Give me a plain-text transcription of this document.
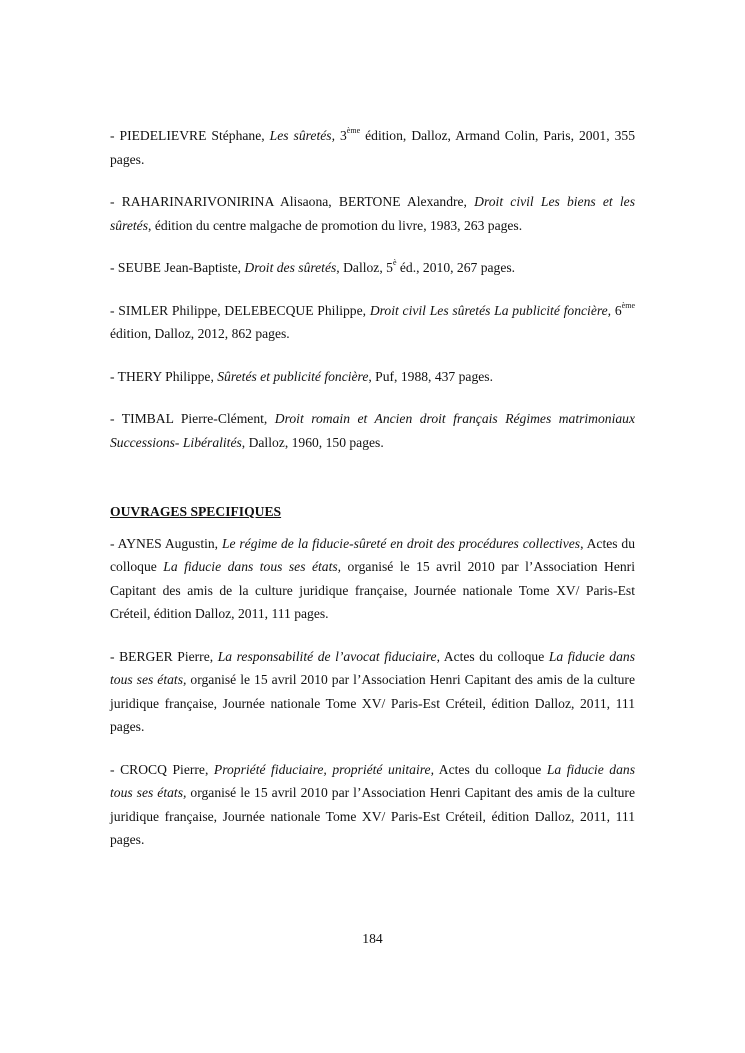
- PIEDELIEVRE Stéphane, Les sûretés, 3ème édition, Dalloz, Armand Colin, Paris, 2001, 355 pages.

- RAHARINARIVONIRINA Alisaona, BERTONE Alexandre, Droit civil Les biens et les sûretés, édition du centre malgache de promotion du livre, 1983, 263 pages.

- SEUBE Jean-Baptiste, Droit des sûretés, Dalloz, $5^è$ éd., 2010, 267 pages.

- SIMLER Philippe, DELEBECQUE Philippe, Droit civil Les sûretés La publicité foncière, 6ème édition, Dalloz, 2012, 862 pages.

- THERY Philippe, Sûretés et publicité foncière, Puf, 1988, 437 pages.

- TIMBAL Pierre-Clément, Droit romain et Ancien droit français Régimes matrimoniaux Successions- Libéralités, Dalloz, 1960, 150 pages.

OUVRAGES SPECIFIQUES

- AYNES Augustin, Le régime de la fiducie-sûreté en droit des procédures collectives, Actes du colloque La fiducie dans tous ses états, organisé le 15 avril 2010 par l’Association Henri Capitant des amis de la culture juridique française, Journée nationale Tome XV/ Paris-Est Créteil, édition Dalloz, 2011, 111 pages.

- BERGER Pierre, La responsabilité de l’avocat fiduciaire, Actes du colloque La fiducie dans tous ses états, organisé le 15 avril 2010 par l’Association Henri Capitant des amis de la culture juridique française, Journée nationale Tome XV/ Paris-Est Créteil, édition Dalloz, 2011, 111 pages.

- CROCQ Pierre, Propriété fiduciaire, propriété unitaire, Actes du colloque La fiducie dans tous ses états, organisé le 15 avril 2010 par l’Association Henri Capitant des amis de la culture juridique française, Journée nationale Tome XV/ Paris-Est Créteil, édition Dalloz, 2011, 111 pages.

184
